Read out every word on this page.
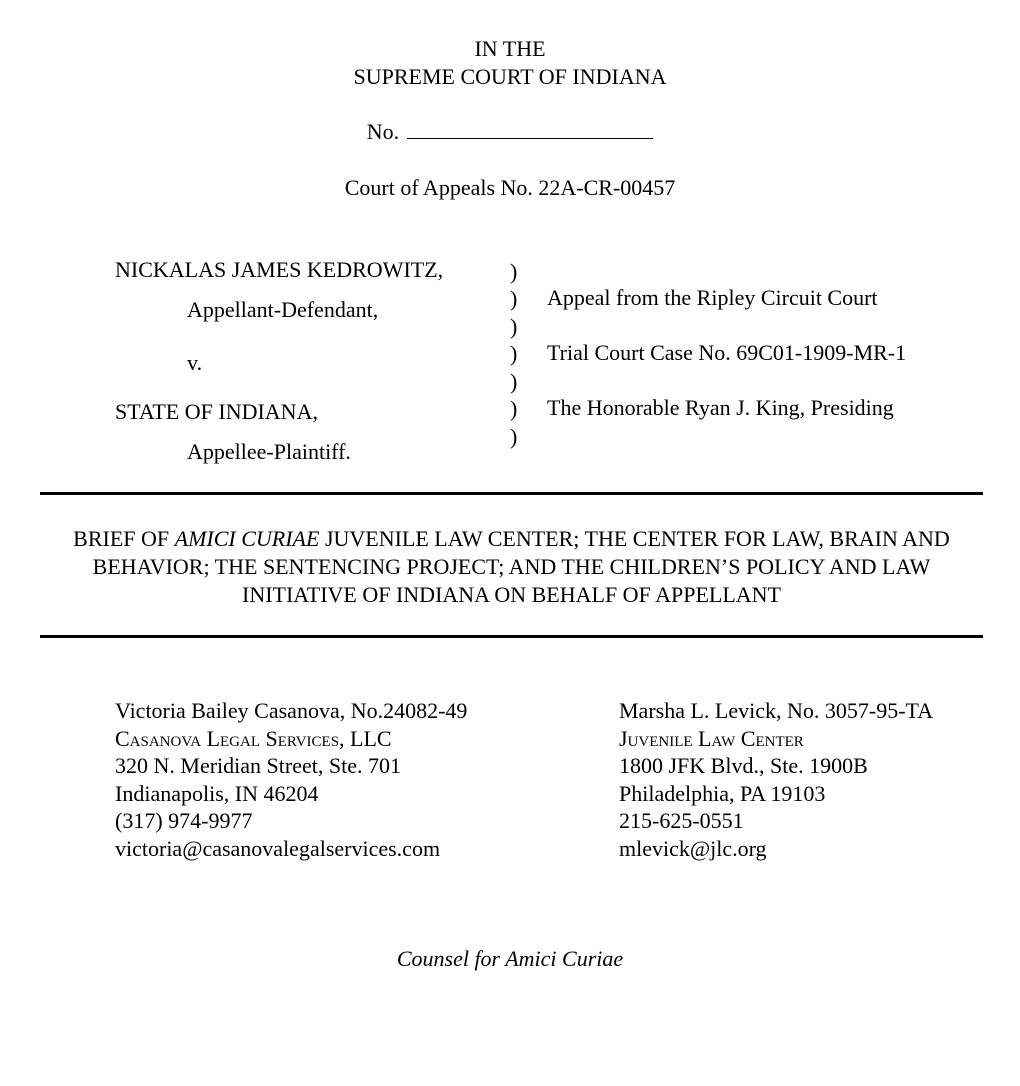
IN THE
SUPREME COURT OF INDIANA
No.
Court of Appeals No. 22A-CR-00457
NICKALAS JAMES KEDROWITZ,
Appellant-Defendant,
v.
STATE OF INDIANA,
Appellee-Plaintiff.
)
)
)
)
)
)
)
Appeal from the Ripley Circuit Court
Trial Court Case No. 69C01-1909-MR-1
The Honorable Ryan J. King, Presiding
BRIEF OF AMICI CURIAE JUVENILE LAW CENTER; THE CENTER FOR LAW, BRAIN AND BEHAVIOR; THE SENTENCING PROJECT; AND THE CHILDREN’S POLICY AND LAW INITIATIVE OF INDIANA ON BEHALF OF APPELLANT
Victoria Bailey Casanova, No.24082-49
Casanova Legal Services, LLC
320 N. Meridian Street, Ste. 701
Indianapolis, IN 46204
(317) 974-9977
victoria@casanovalegalservices.com
Marsha L. Levick, No. 3057-95-TA
Juvenile Law Center
1800 JFK Blvd., Ste. 1900B
Philadelphia, PA 19103
215-625-0551
mlevick@jlc.org
Counsel for Amici Curiae
